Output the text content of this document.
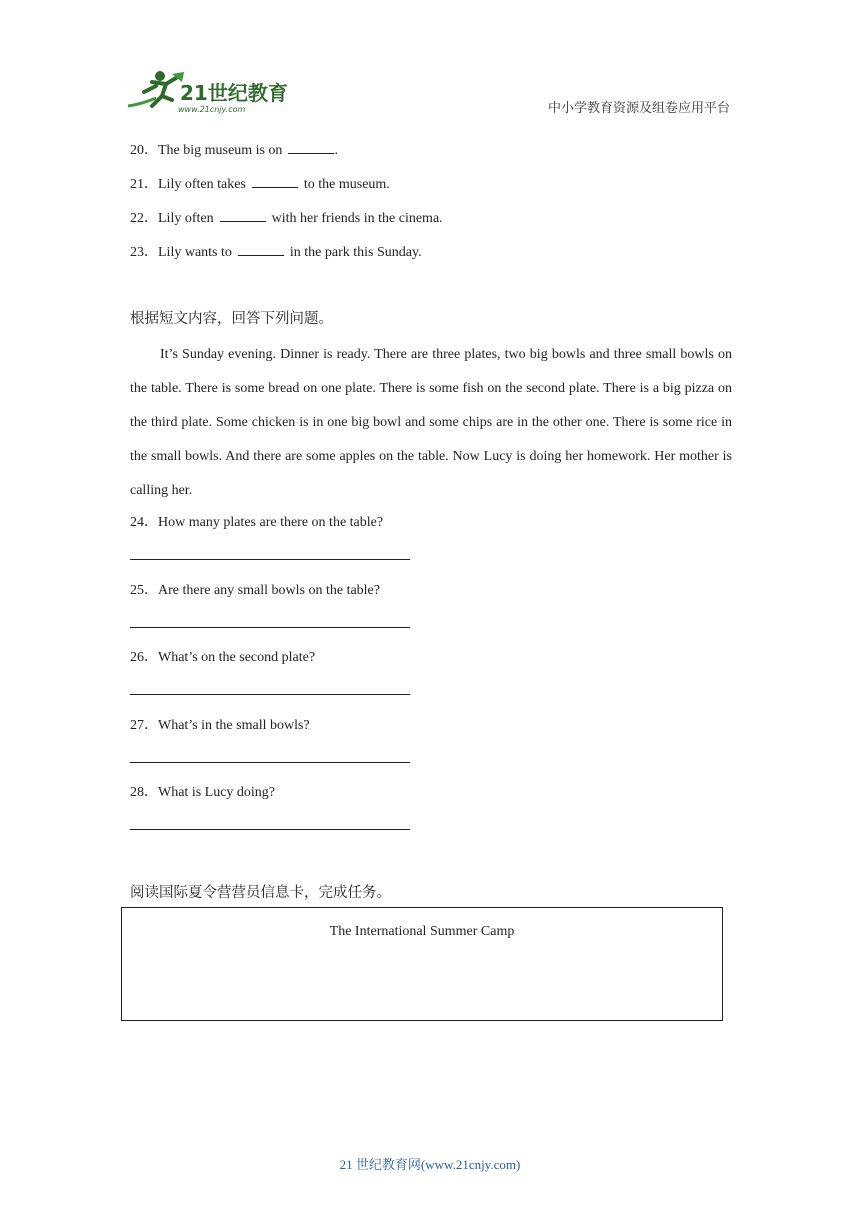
21世纪教育
www.21cnjy.com	中小学教育资源及组卷应用平台
20．The big museum is on	.
21．Lily often takes	to the museum.
22．Lily often	with her friends in the cinema.
23．Lily wants to	in the park this Sunday.
根据短文内容，回答下列问题。

It’s Sunday evening. Dinner is ready. There are three plates, two big bowls and three small bowls on the table. There is some bread on one plate. There is some fish on the second plate. There is a big pizza on the third plate. Some chicken is in one big bowl and some chips are in the other one. There is some rice in the small bowls. And there are some apples on the table. Now Lucy is doing her homework. Her mother is calling her.

24．How many plates are there on the table?
25．Are there any small bowls on the table?
26．What’s on the second plate?
27．What’s in the small bowls?
28．What is Lucy doing?
阅读国际夏令营营员信息卡，完成任务。
The International Summer Camp
21 世纪教育网(www.21cnjy.com)
